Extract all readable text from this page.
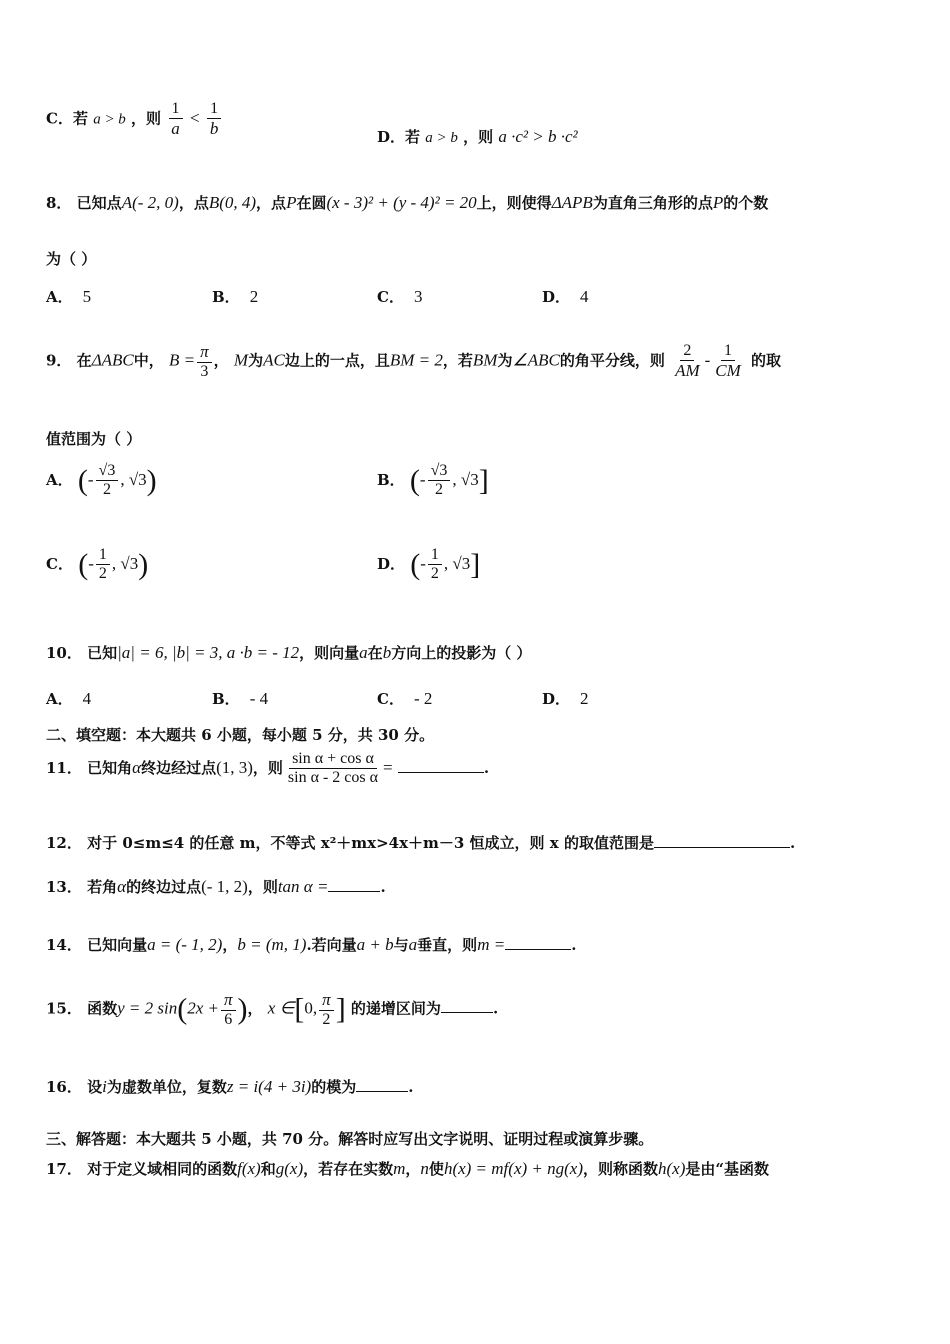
C．若 a > b ，则 $\frac{1}{a} < \frac{1}{b}$	D．若 a > b ，则 a ·c² > b ·c²
8． 已知点A(- 2, 0)，点B(0, 4)，点P在圆(x - 3)² + (y - 4)² = 20上，则使得ΔAPB为直角三角形的点P的个数
为（ ）
A． 5	B． 2	C． 3	D． 4
9． 在ΔABC中， $B = \frac{\pi}{3}$ ， M为AC边上的一点，且BM = 2，若BM为∠ABC的角平分线，则 $\frac{2}{AM} - \frac{1}{CM}$ 的取
值范围为（ ）
A． (- $\frac{√3}{2}$ , √3)	B． (- $\frac{√3}{2}$ , √3]
C． (- $\frac{1}{2}$ , √3)	D． (- $\frac{1}{2}$ , √3]
10． 已知|a| = 6, |b| = 3, a ·b = - 12，则向量a在b方向上的投影为（ ）
A． 4	B． - 4	C． - 2	D． 2
二、填空题：本大题共 6 小题，每小题 5 分，共 30 分。
11． 已知角α终边经过点(1, 3)，则 $\frac{\text{sin α + cos α}}{\text{sin α - 2 cos α}}$ =	.
12． 对于 0≤m≤4 的任意 m，不等式 x²＋mx>4x＋m－3 恒成立，则 x 的取值范围是	.
13． 若角α的终边过点(- 1, 2)，则tan α =	.
14． 已知向量a = (- 1, 2)，b = (m, 1).若向量a + b与a垂直，则m =	.
15． 函数y = 2 $\sin(2x + \frac{\pi}{6}$ )， x ∈[0, $\frac{\pi}{2}$ ] 的递增区间为	.
16． 设i为虚数单位，复数z = i(4 + 3i)的模为	.
三、解答题：本大题共 5 小题，共 70 分。解答时应写出文字说明、证明过程或演算步骤。
17． 对于定义域相同的函数f(x)和g(x)，若存在实数m，n使h(x) = mf(x) + ng(x)，则称函数h(x)是由“基函数
